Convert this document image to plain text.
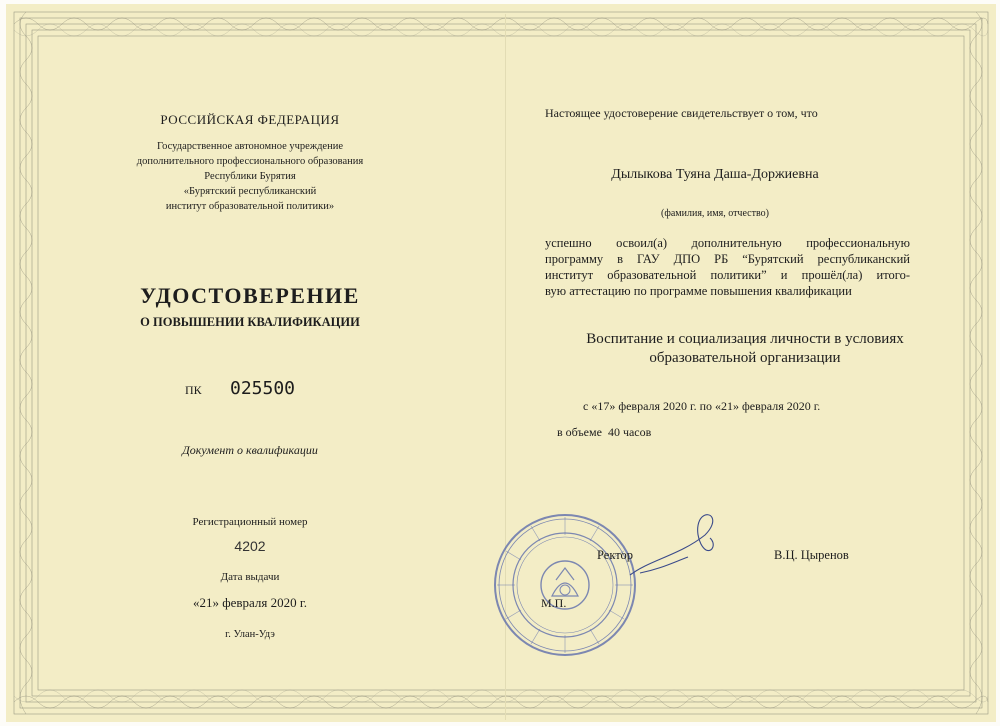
РОССИЙСКАЯ ФЕДЕРАЦИЯ
Государственное автономное учреждение
дополнительного профессионального образования
Республики Бурятия
«Бурятский республиканский
институт образовательной политики»
УДОСТОВЕРЕНИЕ
О ПОВЫШЕНИИ КВАЛИФИКАЦИИ
ПК 025500
Документ о квалификации
Регистрационный номер
4202
Дата выдачи
«21» февраля 2020 г.
г. Улан-Удэ
Настоящее удостоверение свидетельствует о том, что
Дылыкова Туяна Даша-Доржиевна
(фамилия, имя, отчество)
успешно освоил(а) дополнительную профессиональную
программу в ГАУ ДПО РБ “Бурятский республиканский
институт образовательной политики” и прошёл(ла) итого-
вую аттестацию по программе повышения квалификации
Воспитание и социализация личности в условиях
образовательной организации
с «17» февраля 2020 г. по «21» февраля 2020 г.
в объеме 40 часов
Ректор	В.Ц. Цыренов
М.П.
